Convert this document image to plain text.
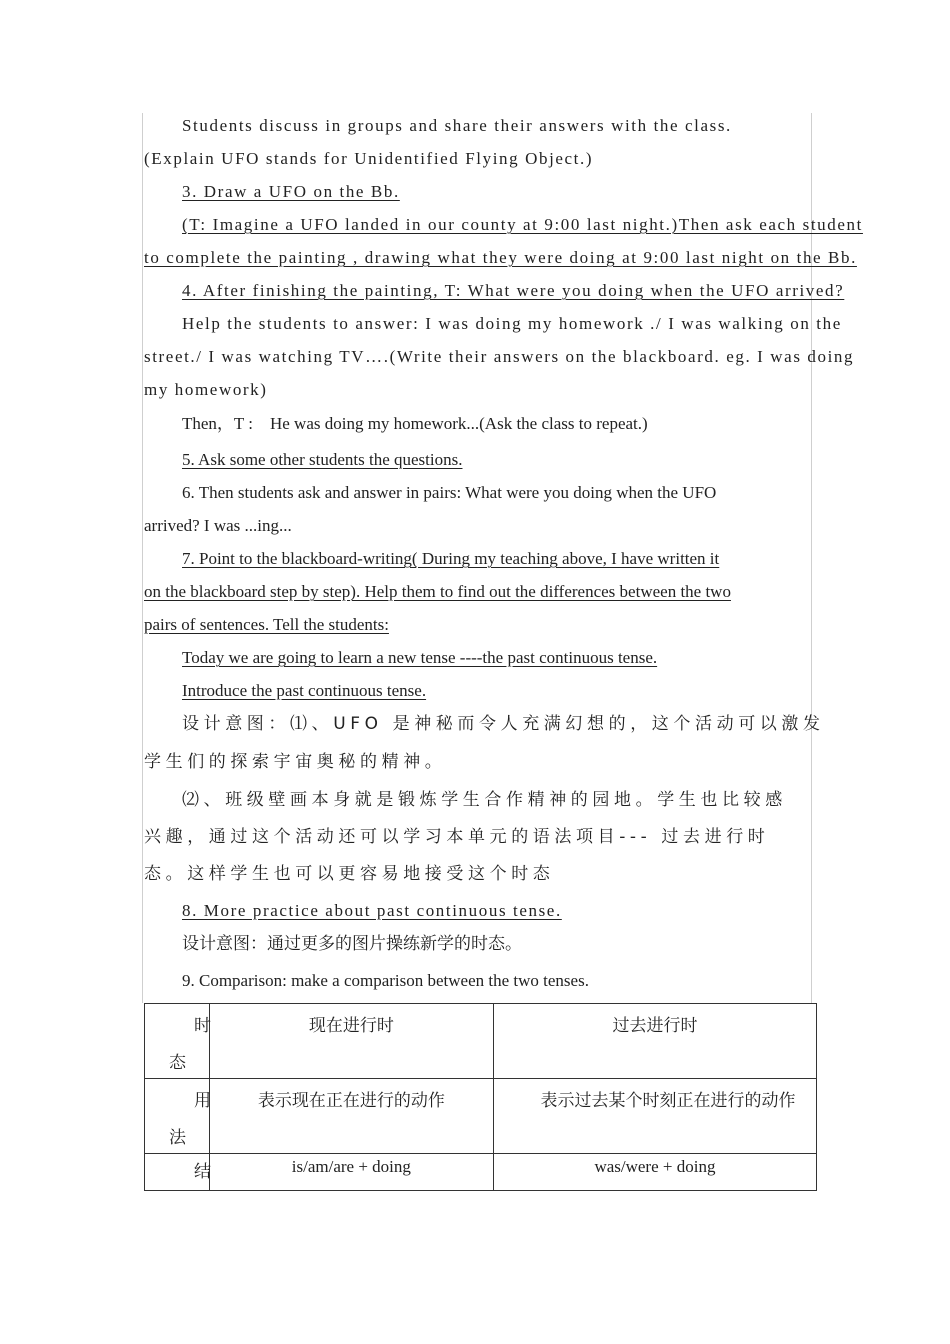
Students discuss in groups and share their answers with the class.
(Explain UFO stands for Unidentified Flying Object.)
3. Draw a UFO on the Bb.
(T: Imagine a UFO landed in our county at 9:00 last night.)Then ask each student
to complete the painting , drawing what they were doing at 9:00 last night on the Bb.
4. After finishing the painting, T: What were you doing when the UFO arrived?
Help the students to answer: I was doing my homework ./ I was walking on the
street./ I was watching TV….(Write their answers on the blackboard. eg. I was doing
my homework)
Then，T :　He was doing my homework...(Ask the class to repeat.)
5. Ask some other students the questions.
6. Then students ask and answer in pairs: What were you doing when the UFO
arrived? I was ...ing...
7. Point to the blackboard-writing( During my teaching above, I have written it
on the blackboard step by step). Help them to find out the differences between the two
pairs of sentences. Tell the students:
Today we are going to learn a new tense ----the past continuous tense.
Introduce the past continuous tense.
设计意图：⑴、UFO 是神秘而令人充满幻想的，这个活动可以激发
学生们的探索宇宙奥秘的精神。
⑵、班级壁画本身就是锻炼学生合作精神的园地。学生也比较感
兴趣，通过这个活动还可以学习本单元的语法项目--- 过去进行时
态。这样学生也可以更容易地接受这个时态
8. More practice about past continuous tense.
设计意图：通过更多的图片操练新学的时态。
9. Comparison: make a comparison between the two tenses.
时
态	现在进行时	过去进行时

用
法	表示现在正在进行的动作	表示过去某个时刻正在进行的动作

结	is/am/are + doing	was/were + doing
